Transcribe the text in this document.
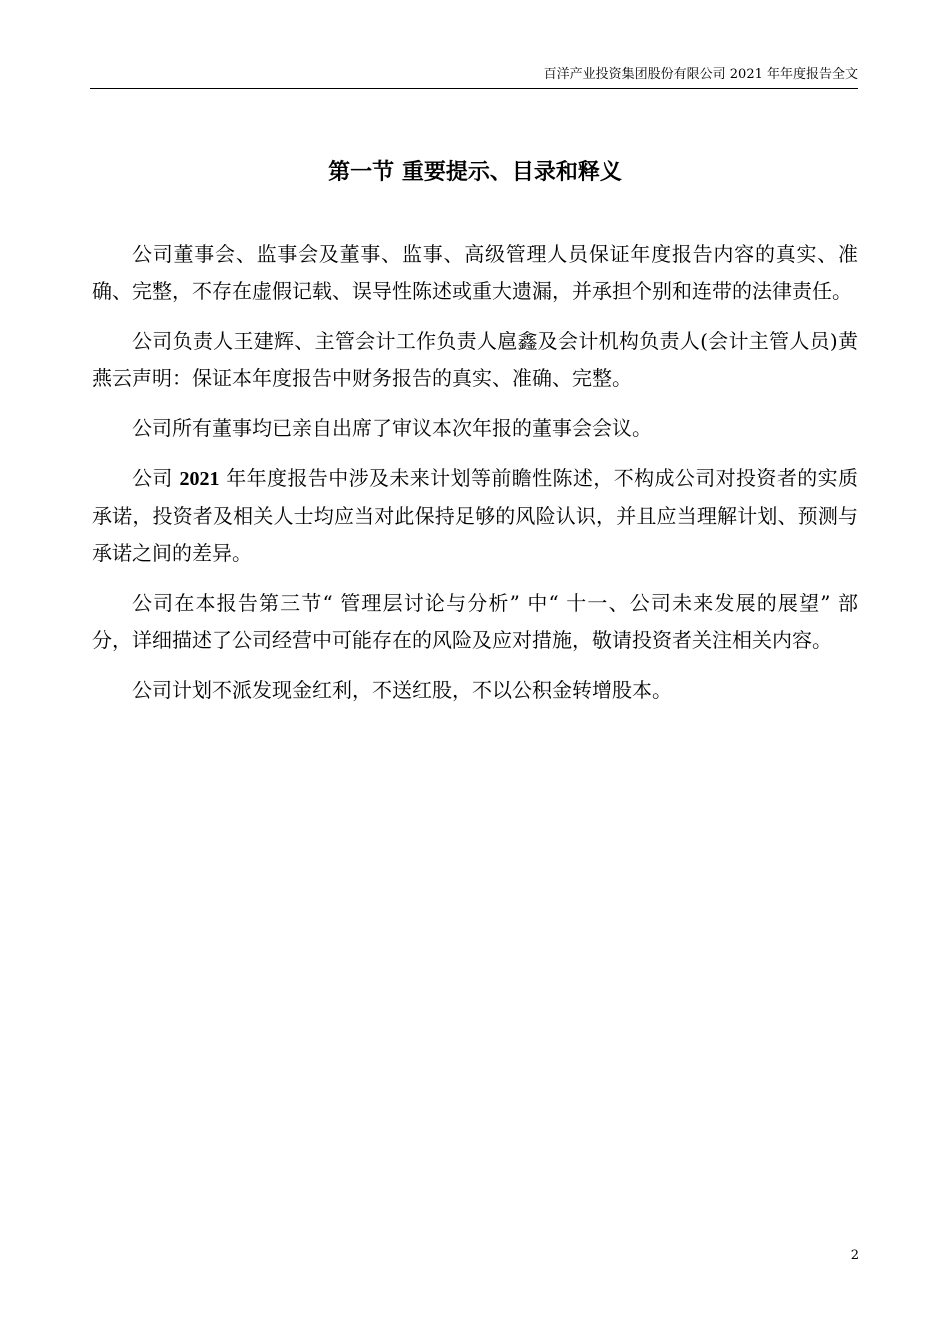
百洋产业投资集团股份有限公司 2021 年年度报告全文
第一节 重要提示、目录和释义

公司董事会、监事会及董事、监事、高级管理人员保证年度报告内容的真实、准确、完整，不存在虚假记载、误导性陈述或重大遗漏，并承担个别和连带的法律责任。

公司负责人王建辉、主管会计工作负责人扈鑫及会计机构负责人(会计主管人员)黄燕云声明：保证本年度报告中财务报告的真实、准确、完整。

公司所有董事均已亲自出席了审议本次年报的董事会会议。

公司 2021 年年度报告中涉及未来计划等前瞻性陈述，不构成公司对投资者的实质承诺，投资者及相关人士均应当对此保持足够的风险认识，并且应当理解计划、预测与承诺之间的差异。

公司在本报告第三节“ 管理层讨论与分析” 中“ 十一、公司未来发展的展望” 部分，详细描述了公司经营中可能存在的风险及应对措施，敬请投资者关注相关内容。

公司计划不派发现金红利，不送红股，不以公积金转增股本。

2
